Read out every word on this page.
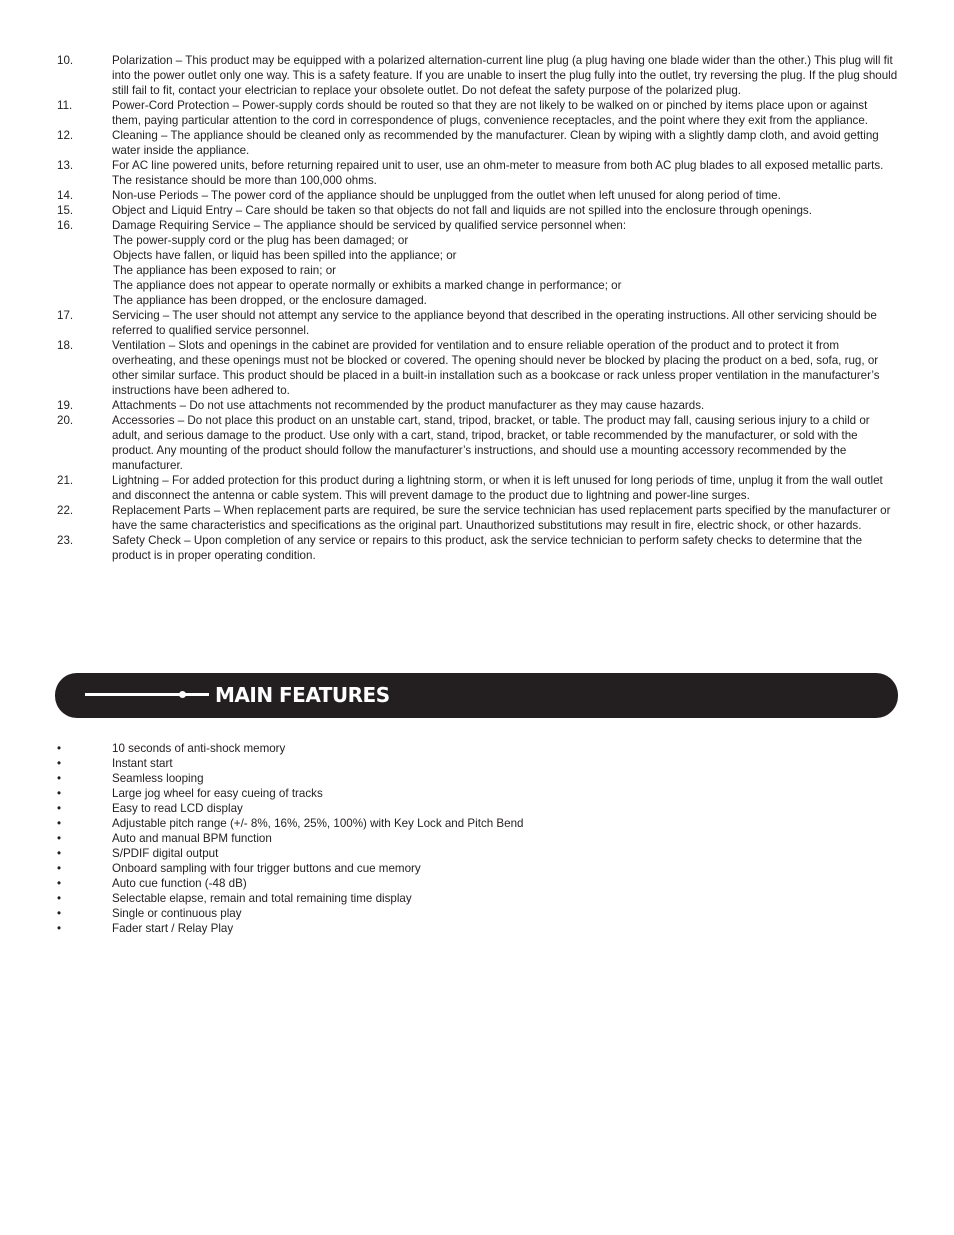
10.	Polarization – This product may be equipped with a polarized alternation-current line plug (a plug having one blade wider than the other.) This plug will fit into the power outlet only one way. This is a safety feature. If you are unable to insert the plug fully into the outlet, try reversing the plug. If the plug should still fail to fit, contact your electrician to replace your obsolete outlet. Do not defeat the safety purpose of the polarized plug.
11.	Power-Cord Protection – Power-supply cords should be routed so that they are not likely to be walked on or pinched by items place upon or against them, paying particular attention to the cord in correspondence of plugs, convenience receptacles, and the point where they exit from the appliance.
12.	Cleaning – The appliance should be cleaned only as recommended by the manufacturer. Clean by wiping with a slightly damp cloth, and avoid getting water inside the appliance.
13.	For AC line powered units, before returning repaired unit to user, use an ohm-meter to measure from both AC plug blades to all exposed metallic parts. The resistance should be more than 100,000 ohms.
14.	Non-use Periods – The power cord of the appliance should be unplugged from the outlet when left unused for along period of time.
15.	Object and Liquid Entry – Care should be taken so that objects do not fall and liquids are not spilled into the enclosure through openings.
16.	Damage Requiring Service – The appliance should be serviced by qualified service personnel when:
The power-supply cord or the plug has been damaged; or
Objects have fallen, or liquid has been spilled into the appliance; or
The appliance has been exposed to rain; or
The appliance does not appear to operate normally or exhibits a marked change in performance; or
The appliance has been dropped, or the enclosure damaged.
17.	Servicing – The user should not attempt any service to the appliance beyond that described in the operating instructions. All other servicing should be referred to qualified service personnel.
18.	Ventilation – Slots and openings in the cabinet are provided for ventilation and to ensure reliable operation of the product and to protect it from overheating, and these openings must not be blocked or covered. The opening should never be blocked by placing the product on a bed, sofa, rug, or other similar surface. This product should be placed in a built-in installation such as a bookcase or rack unless proper ventilation in the manufacturer’s instructions have been adhered to.
19.	Attachments – Do not use attachments not recommended by the product manufacturer as they may cause hazards.
20.	Accessories – Do not place this product on an unstable cart, stand, tripod, bracket, or table. The product may fall, causing serious injury to a child or adult, and serious damage to the product. Use only with a cart, stand, tripod, bracket, or table recommended by the manufacturer, or sold with the product. Any mounting of the product should follow the manufacturer’s instructions, and should use a mounting accessory recommended by the manufacturer.
21.	Lightning – For added protection for this product during a lightning storm, or when it is left unused for long periods of time, unplug it from the wall outlet and disconnect the antenna or cable system. This will prevent damage to the product due to lightning and power-line surges.
22.	Replacement Parts – When replacement parts are required, be sure the service technician has used replacement parts specified by the manufacturer or have the same characteristics and specifications as the original part. Unauthorized substitutions may result in fire, electric shock, or other hazards.
23.	Safety Check – Upon completion of any service or repairs to this product, ask the service technician to perform safety checks to determine that the product is in proper operating condition.
MAIN FEATURES
•	10 seconds of anti-shock memory
•	Instant start
•	Seamless looping
•	Large jog wheel for easy cueing of tracks
•	Easy to read LCD display
•	Adjustable pitch range (+/- 8%, 16%, 25%, 100%) with Key Lock and Pitch Bend
•	Auto and manual BPM function
•	S/PDIF digital output
•	Onboard sampling with four trigger buttons and cue memory
•	Auto cue function (-48 dB)
•	Selectable elapse, remain and total remaining time display
•	Single or continuous play
•	Fader start / Relay Play
